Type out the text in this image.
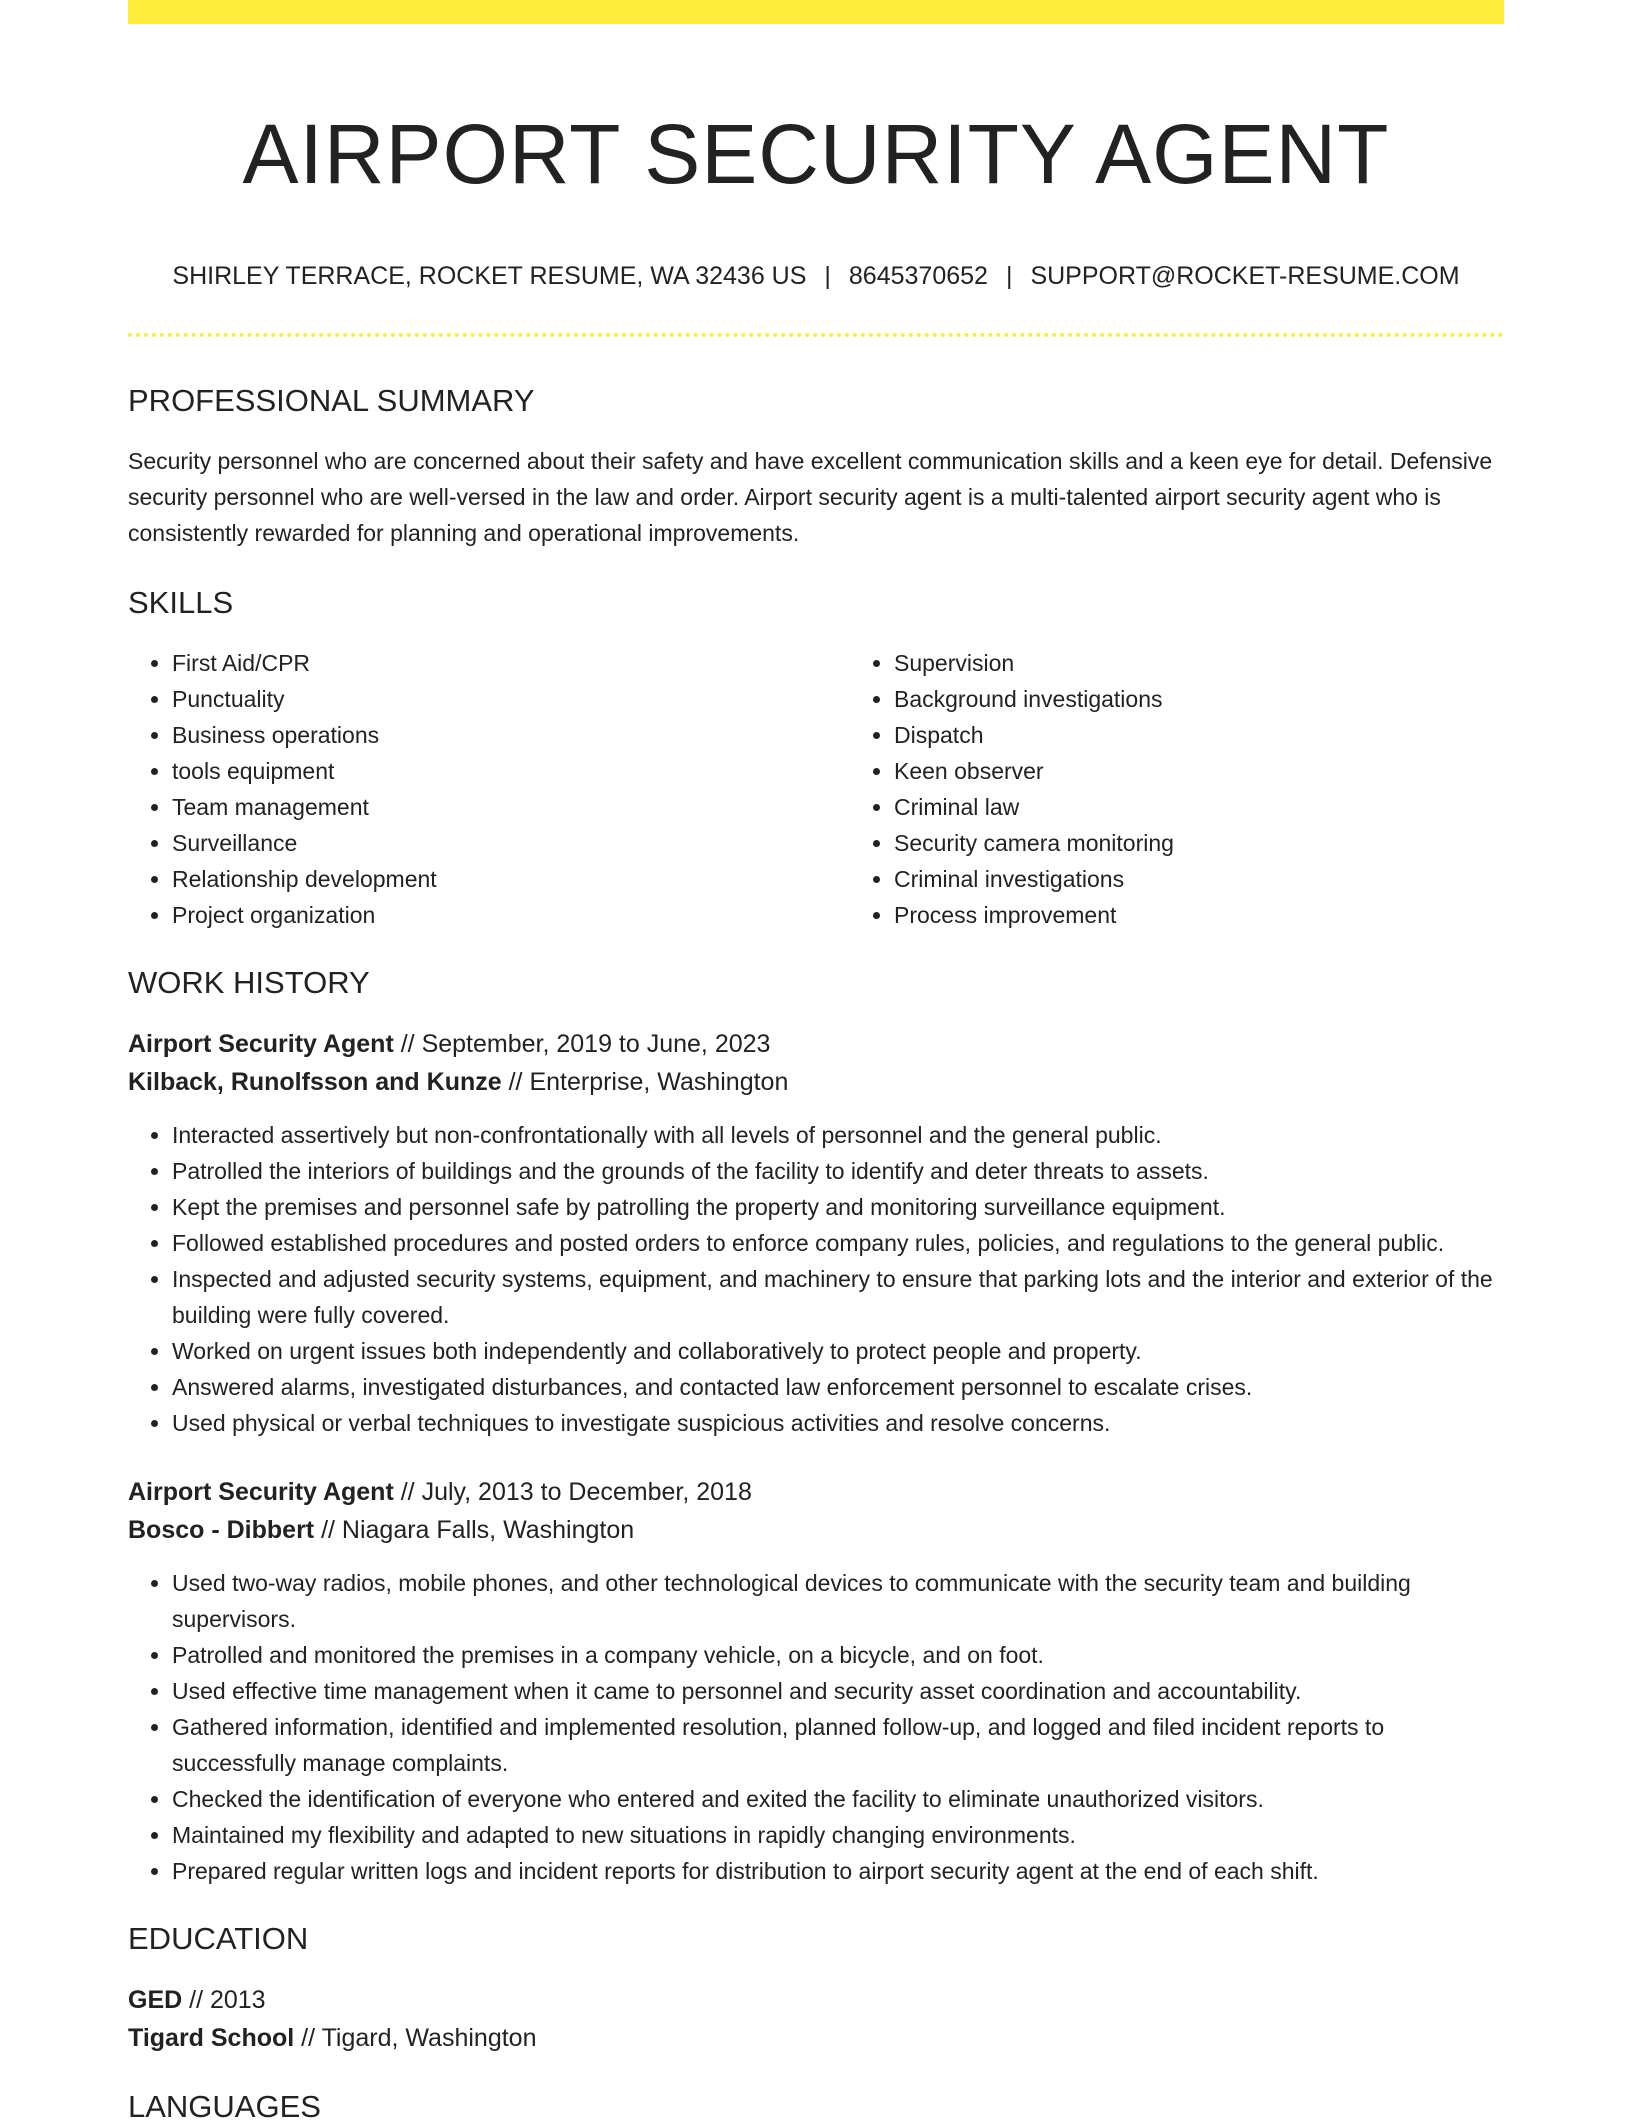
AIRPORT SECURITY AGENT
SHIRLEY TERRACE, ROCKET RESUME, WA 32436 US | 8645370652 | SUPPORT@ROCKET-RESUME.COM
PROFESSIONAL SUMMARY

Security personnel who are concerned about their safety and have excellent communication skills and a keen eye for detail. Defensive security personnel who are well-versed in the law and order. Airport security agent is a multi-talented airport security agent who is consistently rewarded for planning and operational improvements.

SKILLS
• First Aid/CPR
• Punctuality
• Business operations
• tools equipment
• Team management
• Surveillance
• Relationship development
• Project organization
• Supervision
• Background investigations
• Dispatch
• Keen observer
• Criminal law
• Security camera monitoring
• Criminal investigations
• Process improvement
WORK HISTORY

Airport Security Agent // September, 2019 to June, 2023

Kilback, Runolfsson and Kunze // Enterprise, Washington

• Interacted assertively but non-confrontationally with all levels of personnel and the general public.
• Patrolled the interiors of buildings and the grounds of the facility to identify and deter threats to assets.
• Kept the premises and personnel safe by patrolling the property and monitoring surveillance equipment.
• Followed established procedures and posted orders to enforce company rules, policies, and regulations to the general public.
• Inspected and adjusted security systems, equipment, and machinery to ensure that parking lots and the interior and exterior of the building were fully covered.
• Worked on urgent issues both independently and collaboratively to protect people and property.
• Answered alarms, investigated disturbances, and contacted law enforcement personnel to escalate crises.
• Used physical or verbal techniques to investigate suspicious activities and resolve concerns.

Airport Security Agent // July, 2013 to December, 2018

Bosco - Dibbert // Niagara Falls, Washington

• Used two-way radios, mobile phones, and other technological devices to communicate with the security team and building supervisors.
• Patrolled and monitored the premises in a company vehicle, on a bicycle, and on foot.
• Used effective time management when it came to personnel and security asset coordination and accountability.
• Gathered information, identified and implemented resolution, planned follow-up, and logged and filed incident reports to successfully manage complaints.
• Checked the identification of everyone who entered and exited the facility to eliminate unauthorized visitors.
• Maintained my flexibility and adapted to new situations in rapidly changing environments.
• Prepared regular written logs and incident reports for distribution to airport security agent at the end of each shift.
EDUCATION

GED // 2013

Tigard School // Tigard, Washington

LANGUAGES
